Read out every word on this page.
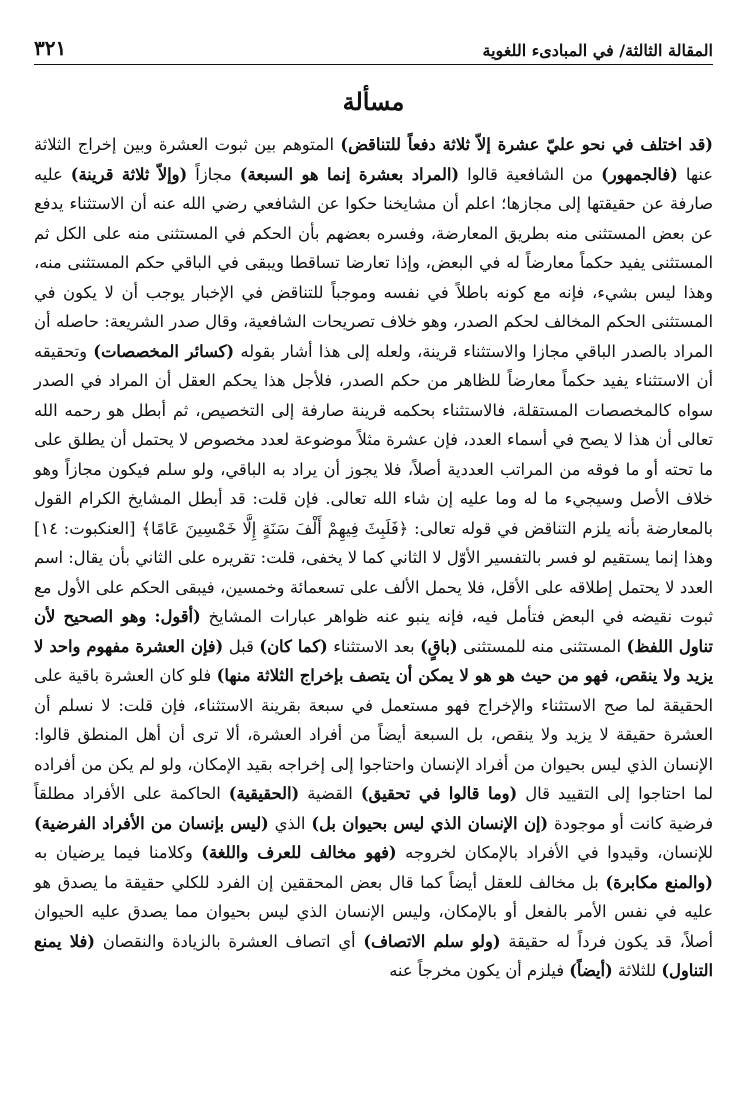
المقالة الثالثة/ في المبادىء اللغوية
٣٢١
مسألة

(قد اختلف في نحو عليّ عشرة إلاّ ثلاثة دفعاً للتناقض) المتوهم بين ثبوت العشرة وبين إخراج الثلاثة عنها (فالجمهور) من الشافعية قالوا (المراد بعشرة إنما هو السبعة) مجازاً (وإلاّ ثلاثة قرينة) عليه صارفة عن حقيقتها إلى مجازها؛ اعلم أن مشايخنا حكوا عن الشافعي رضي الله عنه أن الاستثناء يدفع عن بعض المستثنى منه بطريق المعارضة، وفسره بعضهم بأن الحكم في المستثنى منه على الكل ثم المستثنى يفيد حكماً معارضاً له في البعض، وإذا تعارضا تساقطا ويبقى في الباقي حكم المستثنى منه، وهذا ليس بشيء، فإنه مع كونه باطلاً في نفسه وموجباً للتناقض في الإخبار يوجب أن لا يكون في المستثنى الحكم المخالف لحكم الصدر، وهو خلاف تصريحات الشافعية، وقال صدر الشريعة: حاصله أن المراد بالصدر الباقي مجازا والاستثناء قرينة، ولعله إلى هذا أشار بقوله (كسائر المخصصات) وتحقيقه أن الاستثناء يفيد حكماً معارضاً للظاهر من حكم الصدر، فلأجل هذا يحكم العقل أن المراد في الصدر سواه كالمخصصات المستقلة، فالاستثناء بحكمه قرينة صارفة إلى التخصيص، ثم أبطل هو رحمه الله تعالى أن هذا لا يصح في أسماء العدد، فإن عشرة مثلاً موضوعة لعدد مخصوص لا يحتمل أن يطلق على ما تحته أو ما فوقه من المراتب العددية أصلاً، فلا يجوز أن يراد به الباقي، ولو سلم فيكون مجازاً وهو خلاف الأصل وسيجيء ما له وما عليه إن شاء الله تعالى. فإن قلت: قد أبطل المشايخ الكرام القول بالمعارضة بأنه يلزم التناقض في قوله تعالى: ﴿فَلَبِثَ فِيهِمْ أَلْفَ سَنَةٍ إِلَّا خَمْسِينَ عَامًا﴾ [العنكبوت: ١٤] وهذا إنما يستقيم لو فسر بالتفسير الأوّل لا الثاني كما لا يخفى، قلت: تقريره على الثاني بأن يقال: اسم العدد لا يحتمل إطلاقه على الأقل، فلا يحمل الألف على تسعمائة وخمسين، فيبقى الحكم على الأول مع ثبوت نقيضه في البعض فتأمل فيه، فإنه ينبو عنه ظواهر عبارات المشايخ (أقول: وهو الصحيح لأن تناول اللفظ) المستثنى منه للمستثنى (باقٍ) بعد الاستثناء (كما كان) قبل (فإن العشرة مفهوم واحد لا يزيد ولا ينقص، فهو من حيث هو هو لا يمكن أن يتصف بإخراج الثلاثة منها) فلو كان العشرة باقية على الحقيقة لما صح الاستثناء والإخراج فهو مستعمل في سبعة بقرينة الاستثناء، فإن قلت: لا نسلم أن العشرة حقيقة لا يزيد ولا ينقص، بل السبعة أيضاً من أفراد العشرة، ألا ترى أن أهل المنطق قالوا: الإنسان الذي ليس بحيوان من أفراد الإنسان واحتاجوا إلى إخراجه بقيد الإمكان، ولو لم يكن من أفراده لما احتاجوا إلى التقييد قال (وما قالوا في تحقيق) القضية (الحقيقية) الحاكمة على الأفراد مطلقاً فرضية كانت أو موجودة (إن الإنسان الذي ليس بحيوان بل) الذي (ليس بإنسان من الأفراد الفرضية) للإنسان، وقيدوا في الأفراد بالإمكان لخروجه (فهو مخالف للعرف واللغة) وكلامنا فيما يرضيان به (والمنع مكابرة) بل مخالف للعقل أيضاً كما قال بعض المحققين إن الفرد للكلي حقيقة ما يصدق هو عليه في نفس الأمر بالفعل أو بالإمكان، وليس الإنسان الذي ليس بحيوان مما يصدق عليه الحيوان أصلاً، قد يكون فرداً له حقيقة (ولو سلم الاتصاف) أي اتصاف العشرة بالزيادة والنقصان (فلا يمنع التناول) للثلاثة (أيضاً) فيلزم أن يكون مخرجاً عنه
